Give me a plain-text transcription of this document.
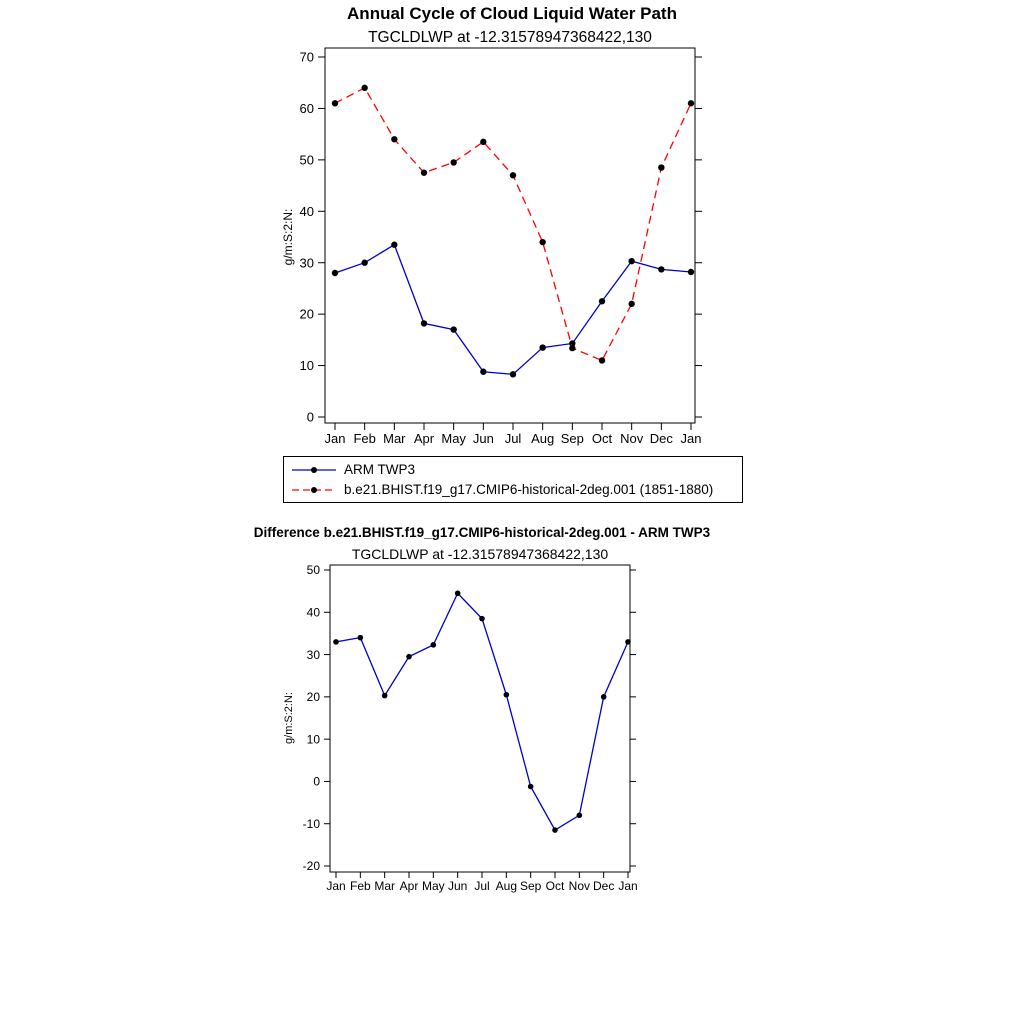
Annual Cycle of Cloud Liquid Water Path
TGCLDLWP at -12.31578947368422,130
0
10
20
30
40
50
60
70
Jan Feb Mar Apr May Jun Jul Aug Sep Oct Nov Dec Jan
g/m:S:2:N:
ARM TWP3
b.e21.BHIST.f19_g17.CMIP6-historical-2deg.001 (1851-1880)
Difference b.e21.BHIST.f19_g17.CMIP6-historical-2deg.001 - ARM TWP3
TGCLDLWP at -12.31578947368422,130
-20
-10
0
10
20
30
40
50
Jan Feb Mar Apr May Jun Jul Aug Sep Oct Nov Dec Jan
g/m:S:2:N:
